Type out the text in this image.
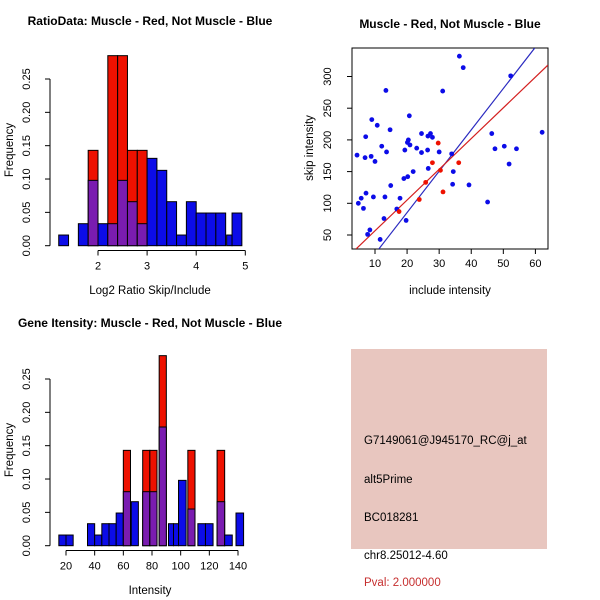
RatioData: Muscle - Red, Not Muscle - Blue
0.00
0.05
0.10
0.15
0.20
0.25
2	3	4	5
Frequency
Log2 Ratio Skip/Include
Muscle - Red, Not Muscle - Blue
10 20 30 40 50 60
50
100
150
200
250
300
skip intensity
include intensity
Gene Itensity: Muscle - Red, Not Muscle - Blue
0.00
0.05
0.10
0.15
0.20
0.25
20 40 60 80 100 120 140
Frequency
Intensity
G7149061@J945170_RC@j_at
alt5Prime
BC018281
chr8.25012-4.60
Pval: 2.000000
